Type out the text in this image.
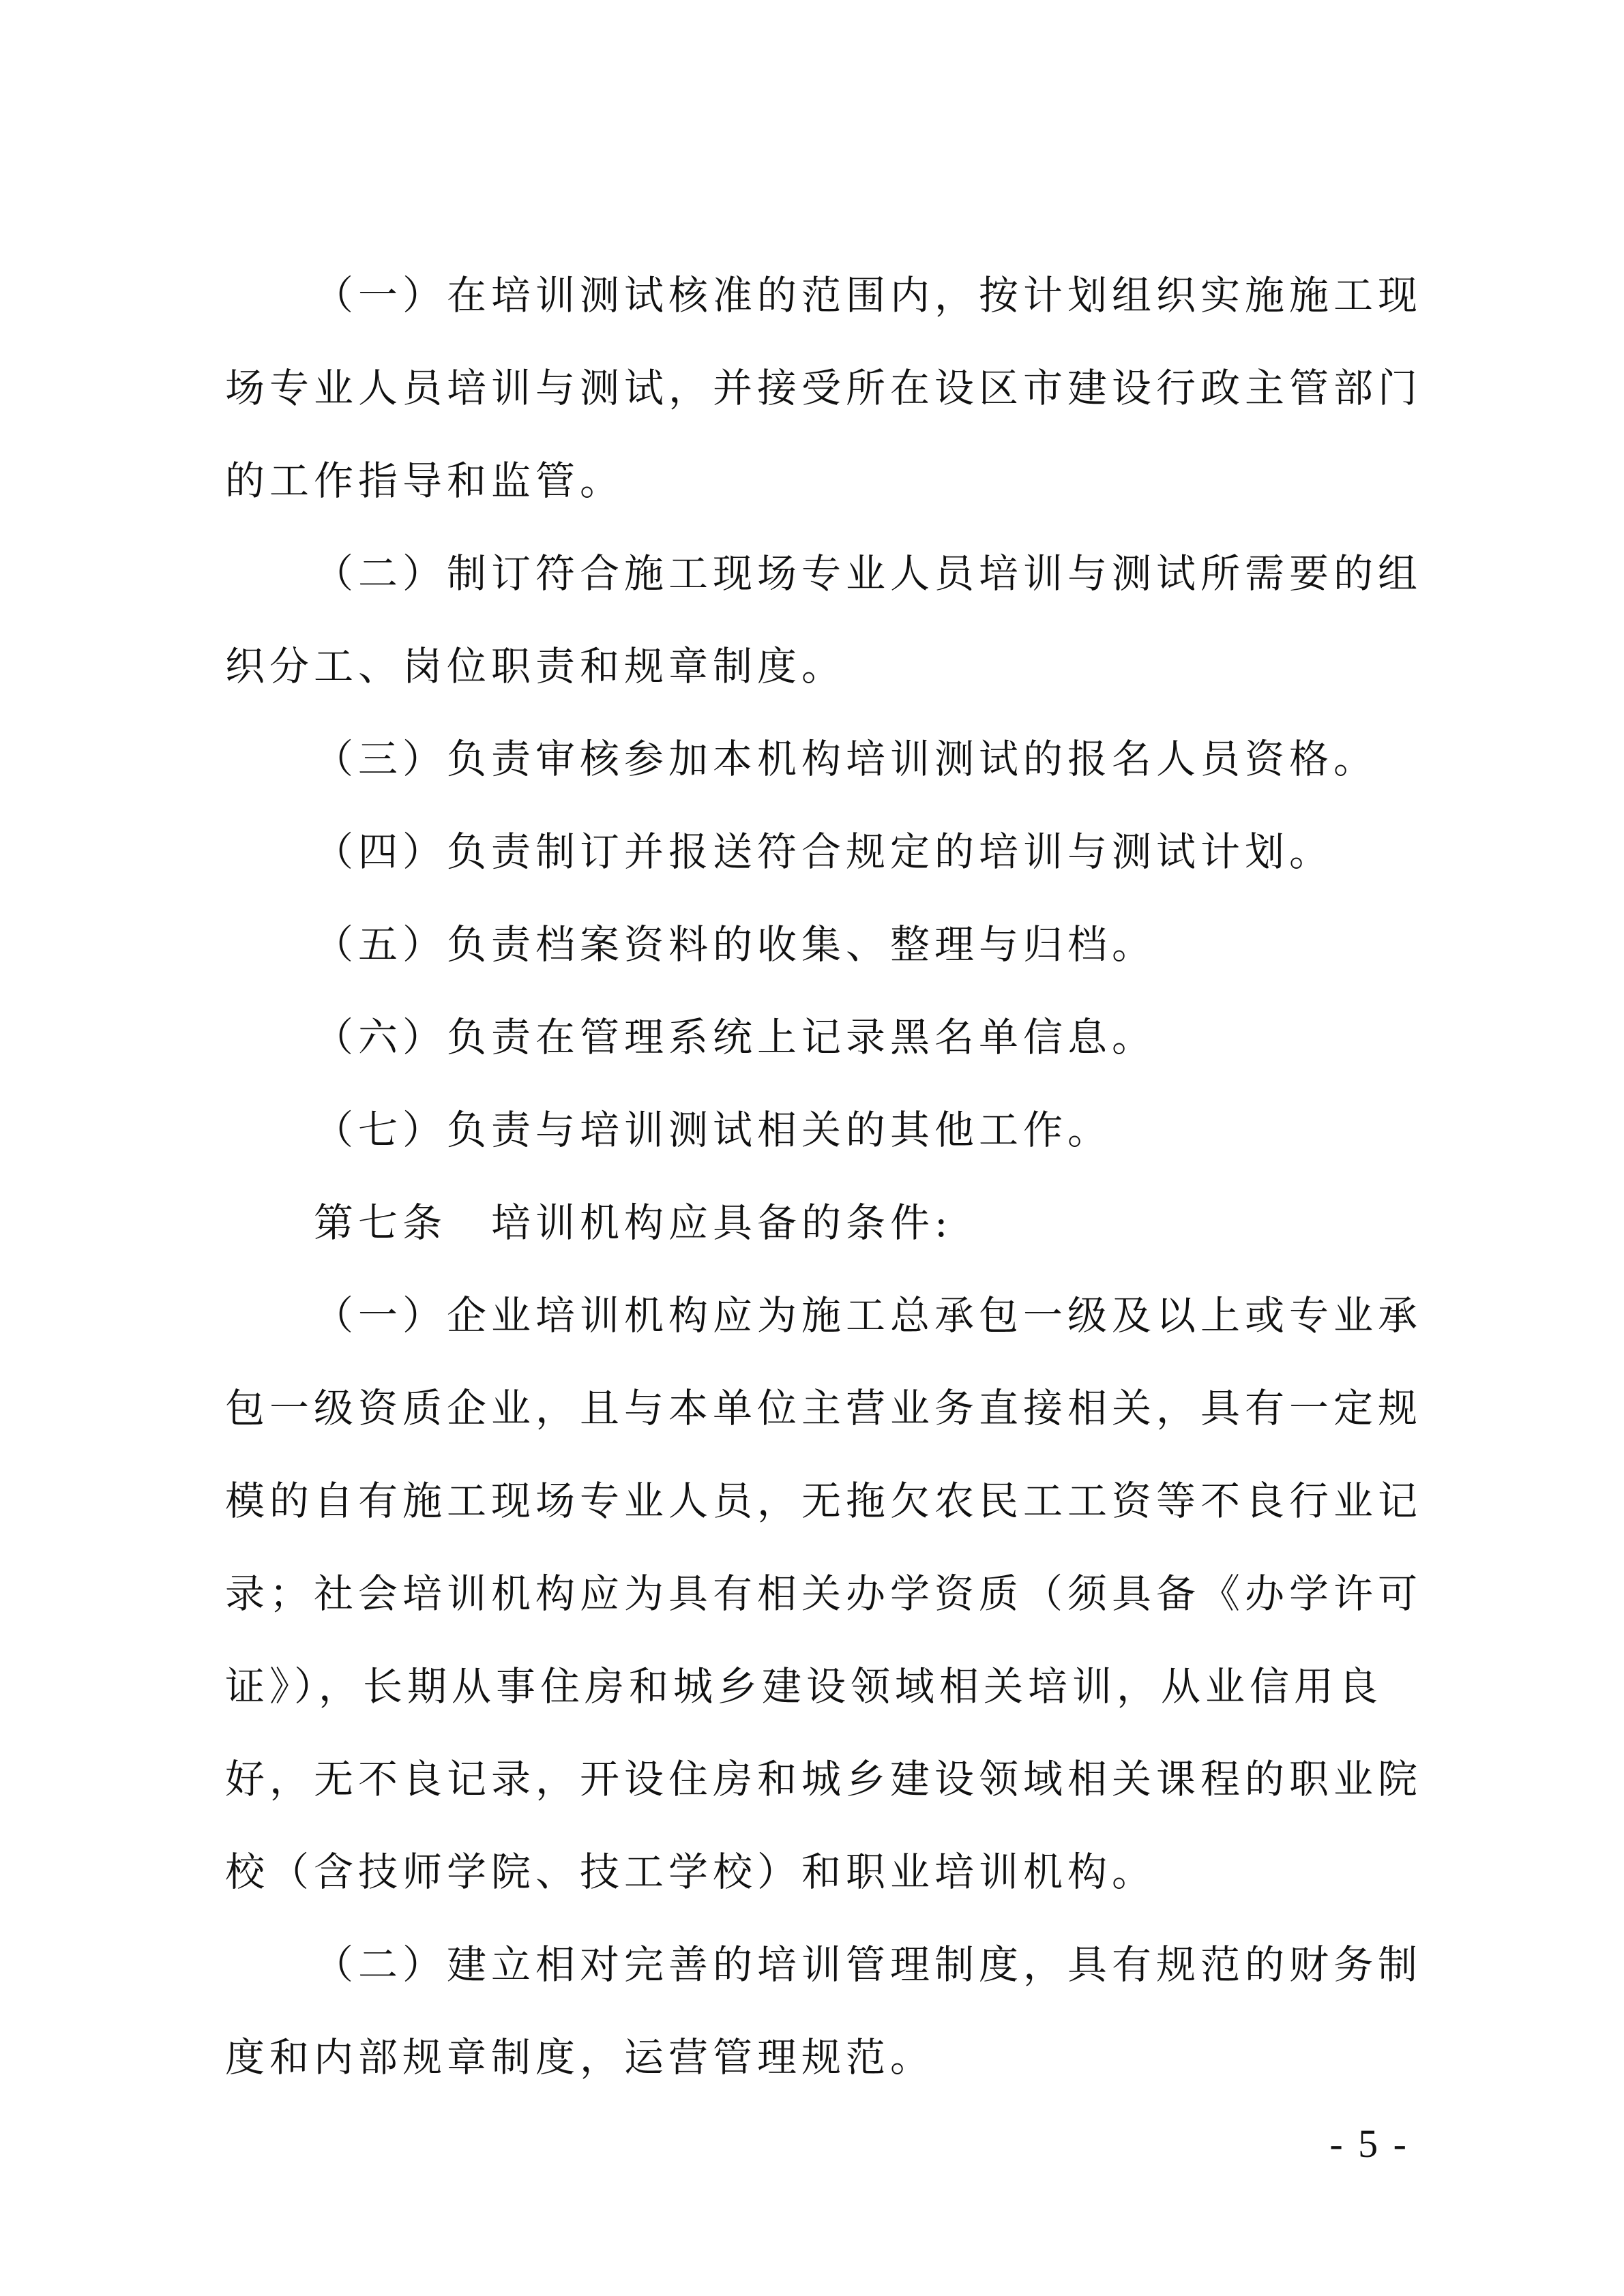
（一）在培训测试核准的范围内，按计划组织实施施工现
场专业人员培训与测试，并接受所在设区市建设行政主管部门
的工作指导和监管。
（二）制订符合施工现场专业人员培训与测试所需要的组
织分工、岗位职责和规章制度。
（三）负责审核参加本机构培训测试的报名人员资格。
（四）负责制订并报送符合规定的培训与测试计划。
（五）负责档案资料的收集、整理与归档。
（六）负责在管理系统上记录黑名单信息。
（七）负责与培训测试相关的其他工作。
第七条　培训机构应具备的条件:
（一）企业培训机构应为施工总承包一级及以上或专业承
包一级资质企业，且与本单位主营业务直接相关，具有一定规
模的自有施工现场专业人员，无拖欠农民工工资等不良行业记
录；社会培训机构应为具有相关办学资质（须具备《办学许可
证》），长期从事住房和城乡建设领域相关培训，从业信用良
好，无不良记录，开设住房和城乡建设领域相关课程的职业院
校（含技师学院、技工学校）和职业培训机构。
（二）建立相对完善的培训管理制度，具有规范的财务制
度和内部规章制度，运营管理规范。
- 5 -
